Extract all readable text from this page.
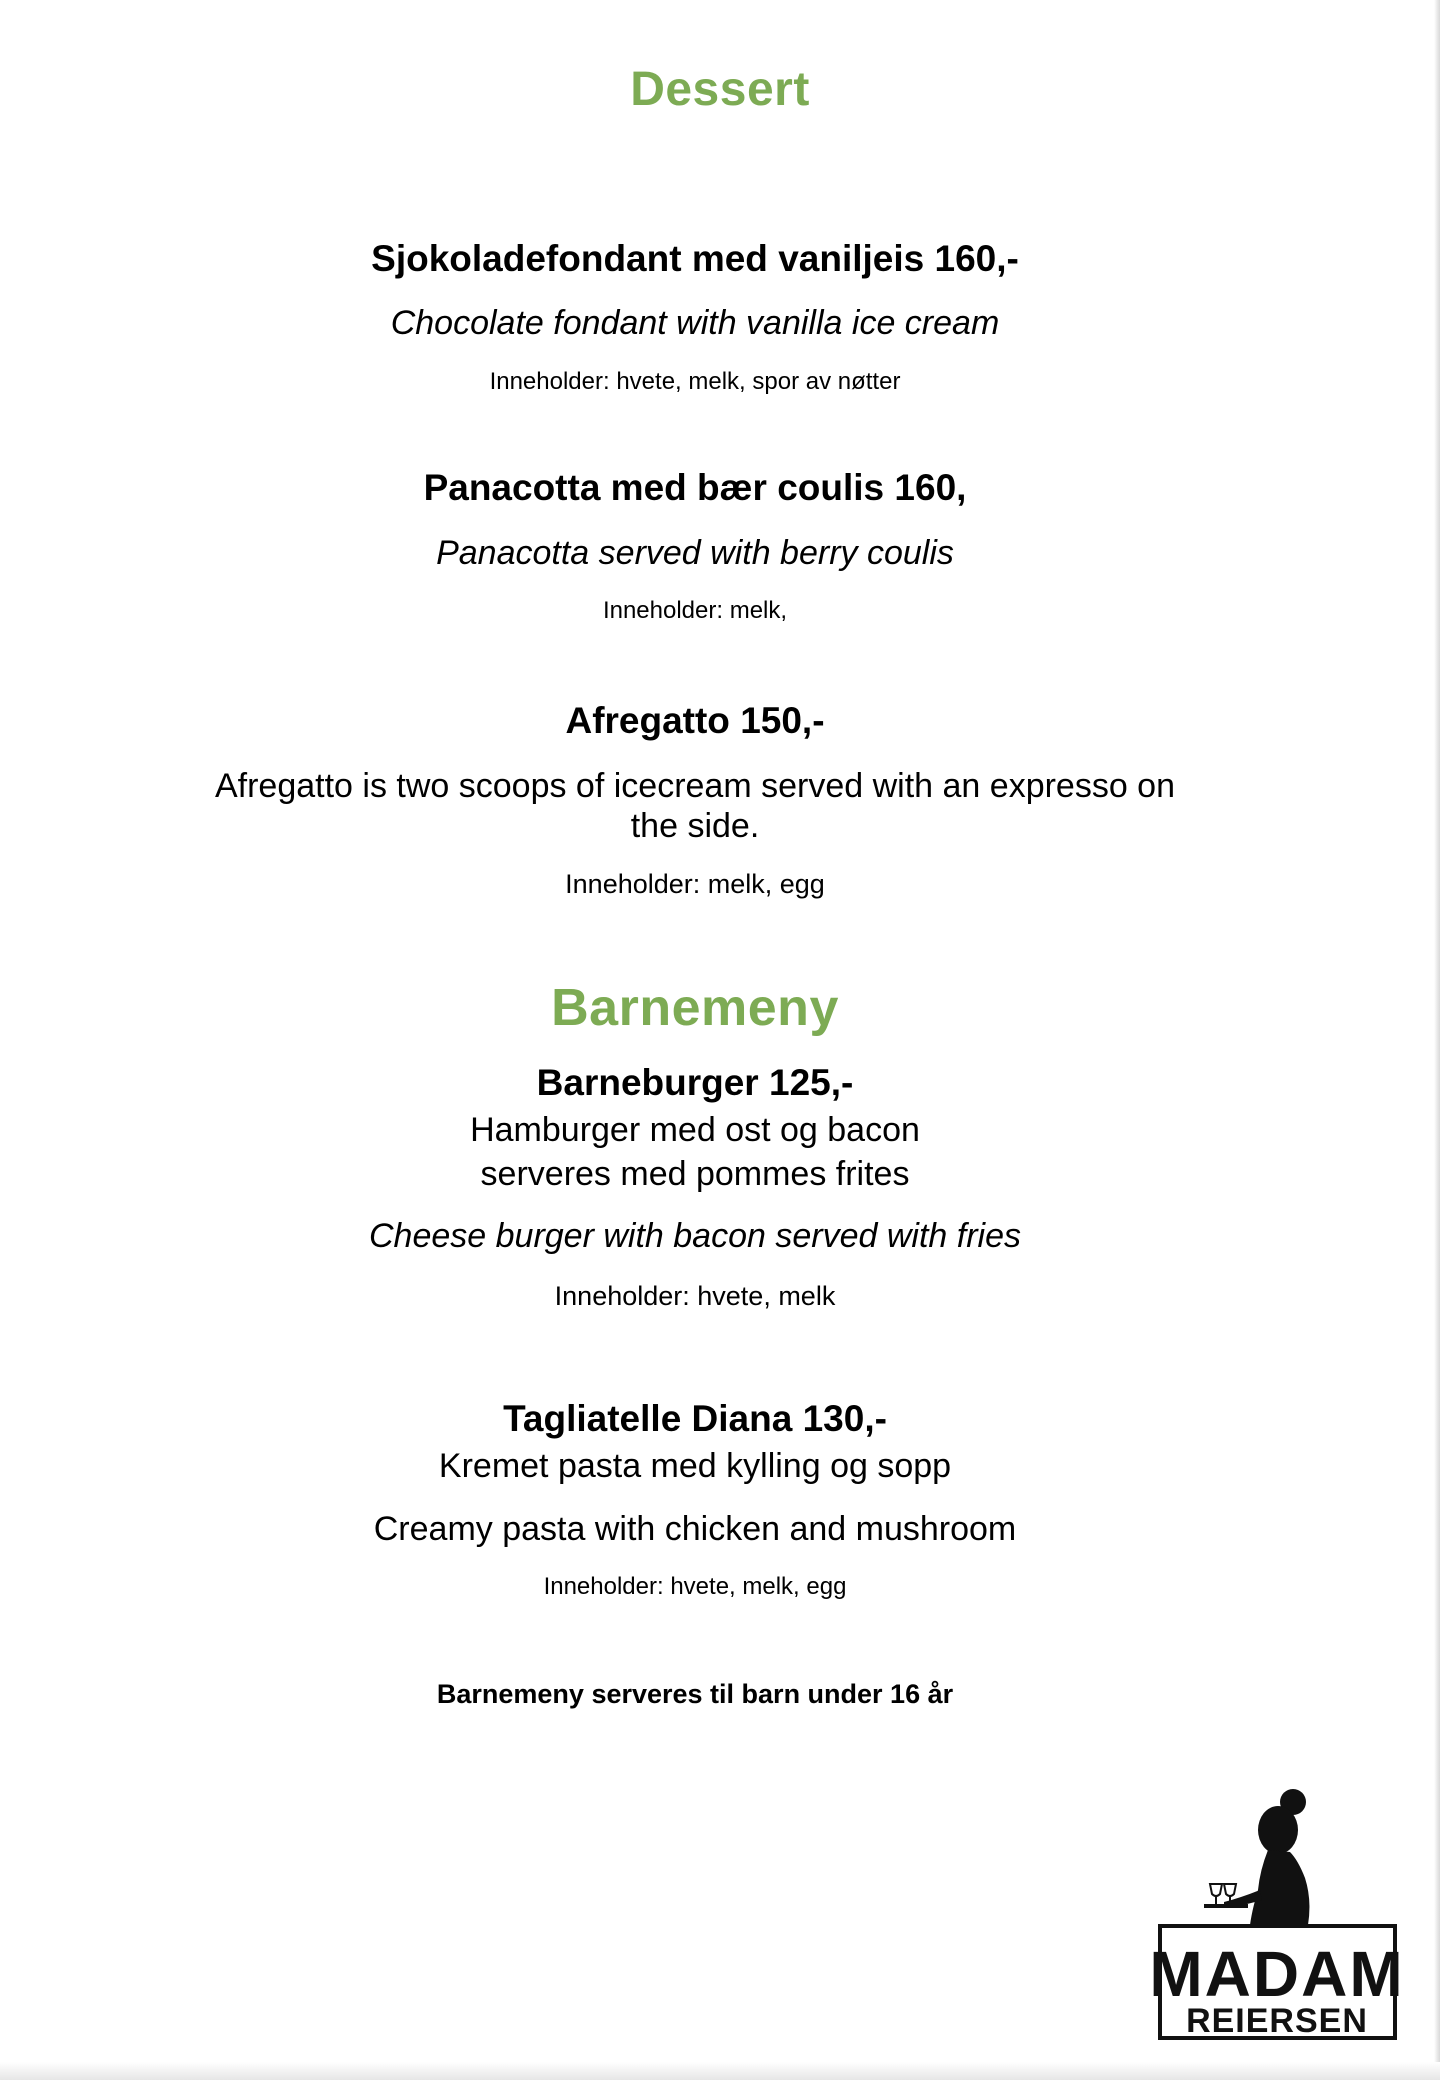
Dessert
Sjokoladefondant med vaniljeis 160,-
Chocolate fondant with vanilla ice cream
Inneholder: hvete, melk, spor av nøtter
Panacotta med bær coulis 160,
Panacotta served with berry coulis
Inneholder: melk,
Afregatto 150,-
Afregatto is two scoops of icecream served with an expresso on
the side.
Inneholder: melk, egg
Barnemeny
Barneburger 125,-
Hamburger med ost og bacon
serveres med pommes frites
Cheese burger with bacon served with fries
Inneholder: hvete, melk
Tagliatelle Diana 130,-
Kremet pasta med kylling og sopp
Creamy pasta with chicken and mushroom
Inneholder: hvete, melk, egg
Barnemeny serveres til barn under 16 år
MADAM
REIERSEN
